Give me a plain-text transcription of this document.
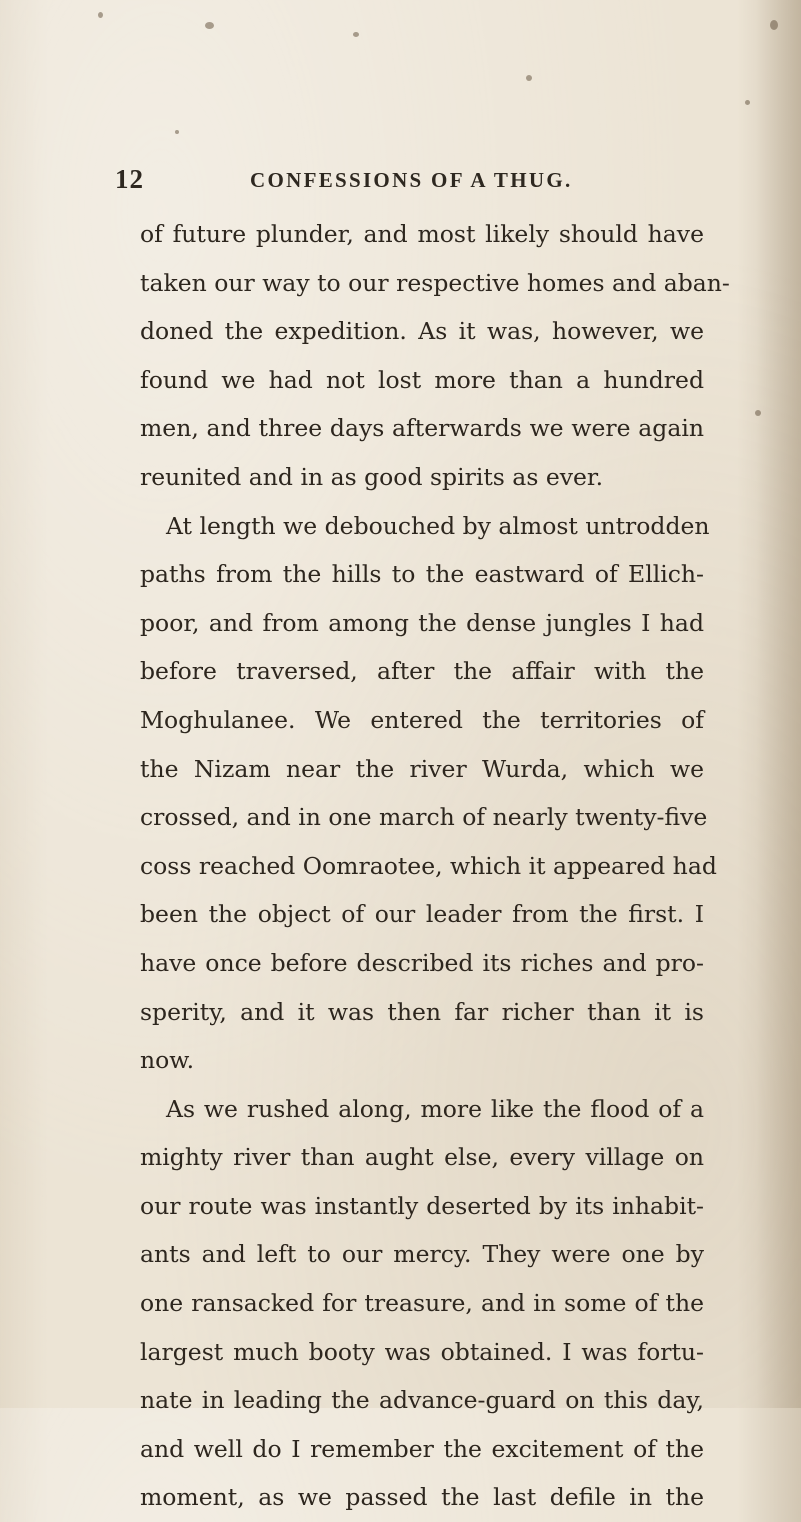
12	CONFESSIONS OF A THUG.
of future plunder, and most likely should have
taken our way to our respective homes and aban-
doned the expedition. As it was, however, we
found we had not lost more than a hundred
men, and three days afterwards we were again
reunited and in as good spirits as ever.
At length we debouched by almost untrodden
paths from the hills to the eastward of Ellich-
poor, and from among the dense jungles I had
before traversed, after the affair with the
Moghulanee. We entered the territories of
the Nizam near the river Wurda, which we
crossed, and in one march of nearly twenty-five
coss reached Oomraotee, which it appeared had
been the object of our leader from the first. I
have once before described its riches and pro-
sperity, and it was then far richer than it is
now.
As we rushed along, more like the flood of a
mighty river than aught else, every village on
our route was instantly deserted by its inhabit-
ants and left to our mercy. They were one by
one ransacked for treasure, and in some of the
largest much booty was obtained. I was fortu-
nate in leading the advance-guard on this day,
and well do I remember the excitement of the
moment, as we passed the last defile in the
